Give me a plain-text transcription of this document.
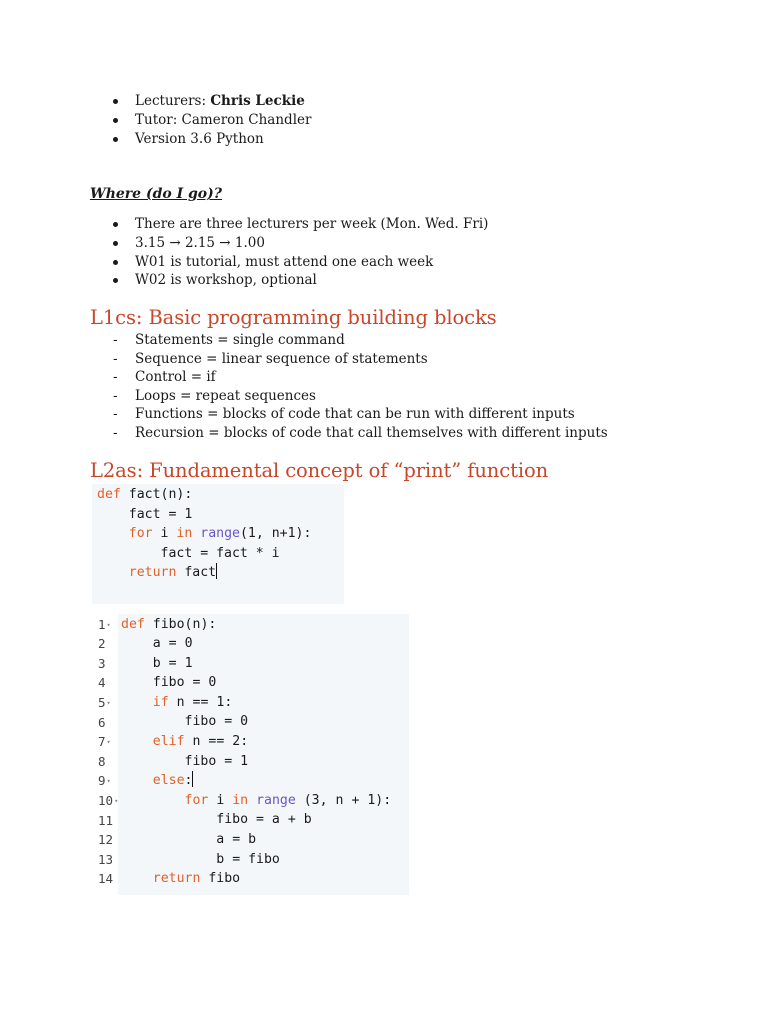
Lecturers: Chris Leckie
Tutor: Cameron Chandler
Version 3.6 Python
Where (do I go)?
There are three lecturers per week (Mon. Wed. Fri)
3.15 → 2.15 → 1.00
W01 is tutorial, must attend one each week
W02 is workshop, optional
L1cs: Basic programming building blocks
- Statements = single command
- Sequence = linear sequence of statements
- Control = if
- Loops = repeat sequences
- Functions = blocks of code that can be run with different inputs
- Recursion = blocks of code that call themselves with different inputs
L2as: Fundamental concept of “print” function
def fact(n):
fact = 1
for i in range(1, n+1):
fact = fact * i
return fact
def fibo(n):
a = 0
b = 1
fibo = 0
if n == 1:
fibo = 0
elif n == 2:
fibo = 1
else:
for i in range (3, n + 1):
fibo = a + b
a = b
b = fibo
return fibo
1▾
2
3
4
5▾
6
7▾
8
9▾
10▾
11
12
13
14
